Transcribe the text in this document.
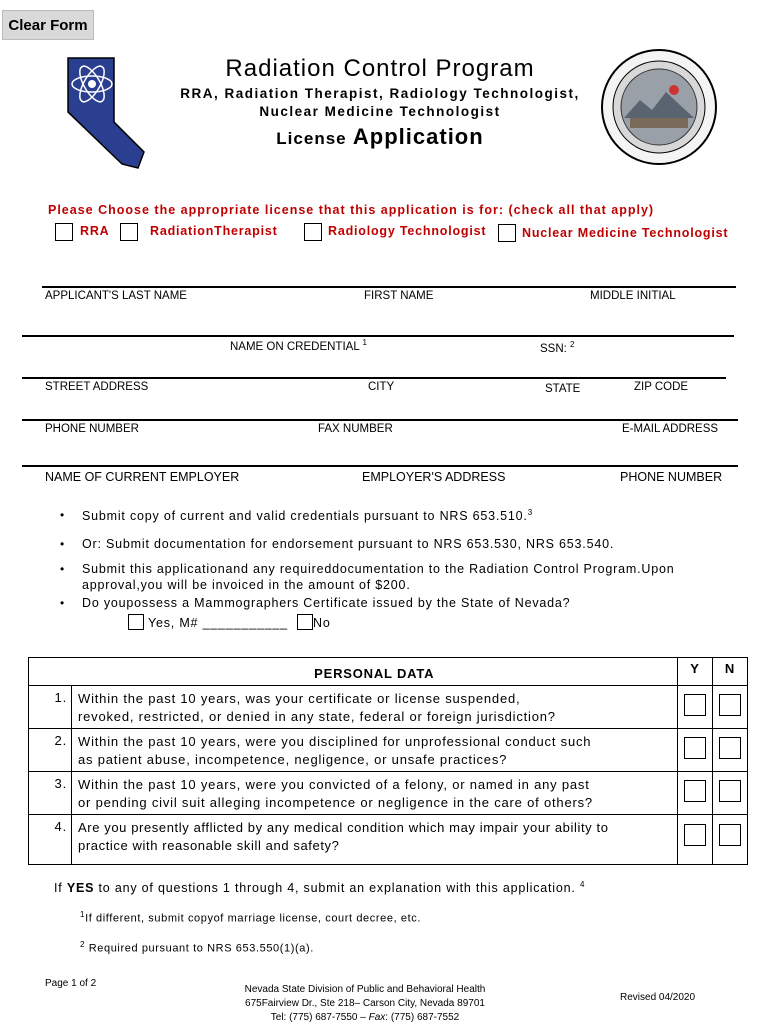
Clear Form
Radiation Control Program
RRA, Radiation Therapist, Radiology Technologist,
Nuclear Medicine Technologist
License Application
Please Choose the appropriate license that this application is for: (check all that apply)
RRA	RadiationTherapist	Radiology Technologist	Nuclear Medicine Technologist
APPLICANT'S LAST NAME	FIRST NAME	MIDDLE INITIAL
NAME ON CREDENTIAL $^1$
SSN: $^2$
STREET ADDRESS	CITY	STATE	ZIP CODE
PHONE NUMBER	FAX NUMBER	E-MAIL ADDRESS
NAME OF CURRENT EMPLOYER	EMPLOYER'S ADDRESS	PHONE NUMBER
• Submit copy of current and valid credentials pursuant to NRS 653.510.$^3$
• Or: Submit documentation for endorsement pursuant to NRS 653.530, NRS 653.540.
• Submit this applicationand any requireddocumentation to the Radiation Control Program.Upon
approval,you will be invoiced in the amount of $200.
• Do youpossess a Mammographers Certificate issued by the State of Nevada?
Yes, M# ___________ No
	PERSONAL DATA	Y	N
1.	Within the past 10 years, was your certificate or license suspended,
revoked, restricted, or denied in any state, federal or foreign jurisdiction?	

2.	Within the past 10 years, were you disciplined for unprofessional conduct such
as patient abuse, incompetence, negligence, or unsafe practices?	

3.	Within the past 10 years, were you convicted of a felony, or named in any past
or pending civil suit alleging incompetence or negligence in the care of others?	

4.	Are you presently afflicted by any medical condition which may impair your ability to
practice with reasonable skill and safety?	

If YES to any of questions 1 through 4, submit an explanation with this application. $^4$
$^1$If different, submit copyof marriage license, court decree, etc.
$^2$ Required pursuant to NRS 653.550(1)(a).
Page 1 of 2
Nevada State Division of Public and Behavioral Health
675Fairview Dr., Ste 218– Carson City, Nevada 89701
Tel: (775) 687-7550 – Fax: (775) 687-7552
Revised 04/2020
